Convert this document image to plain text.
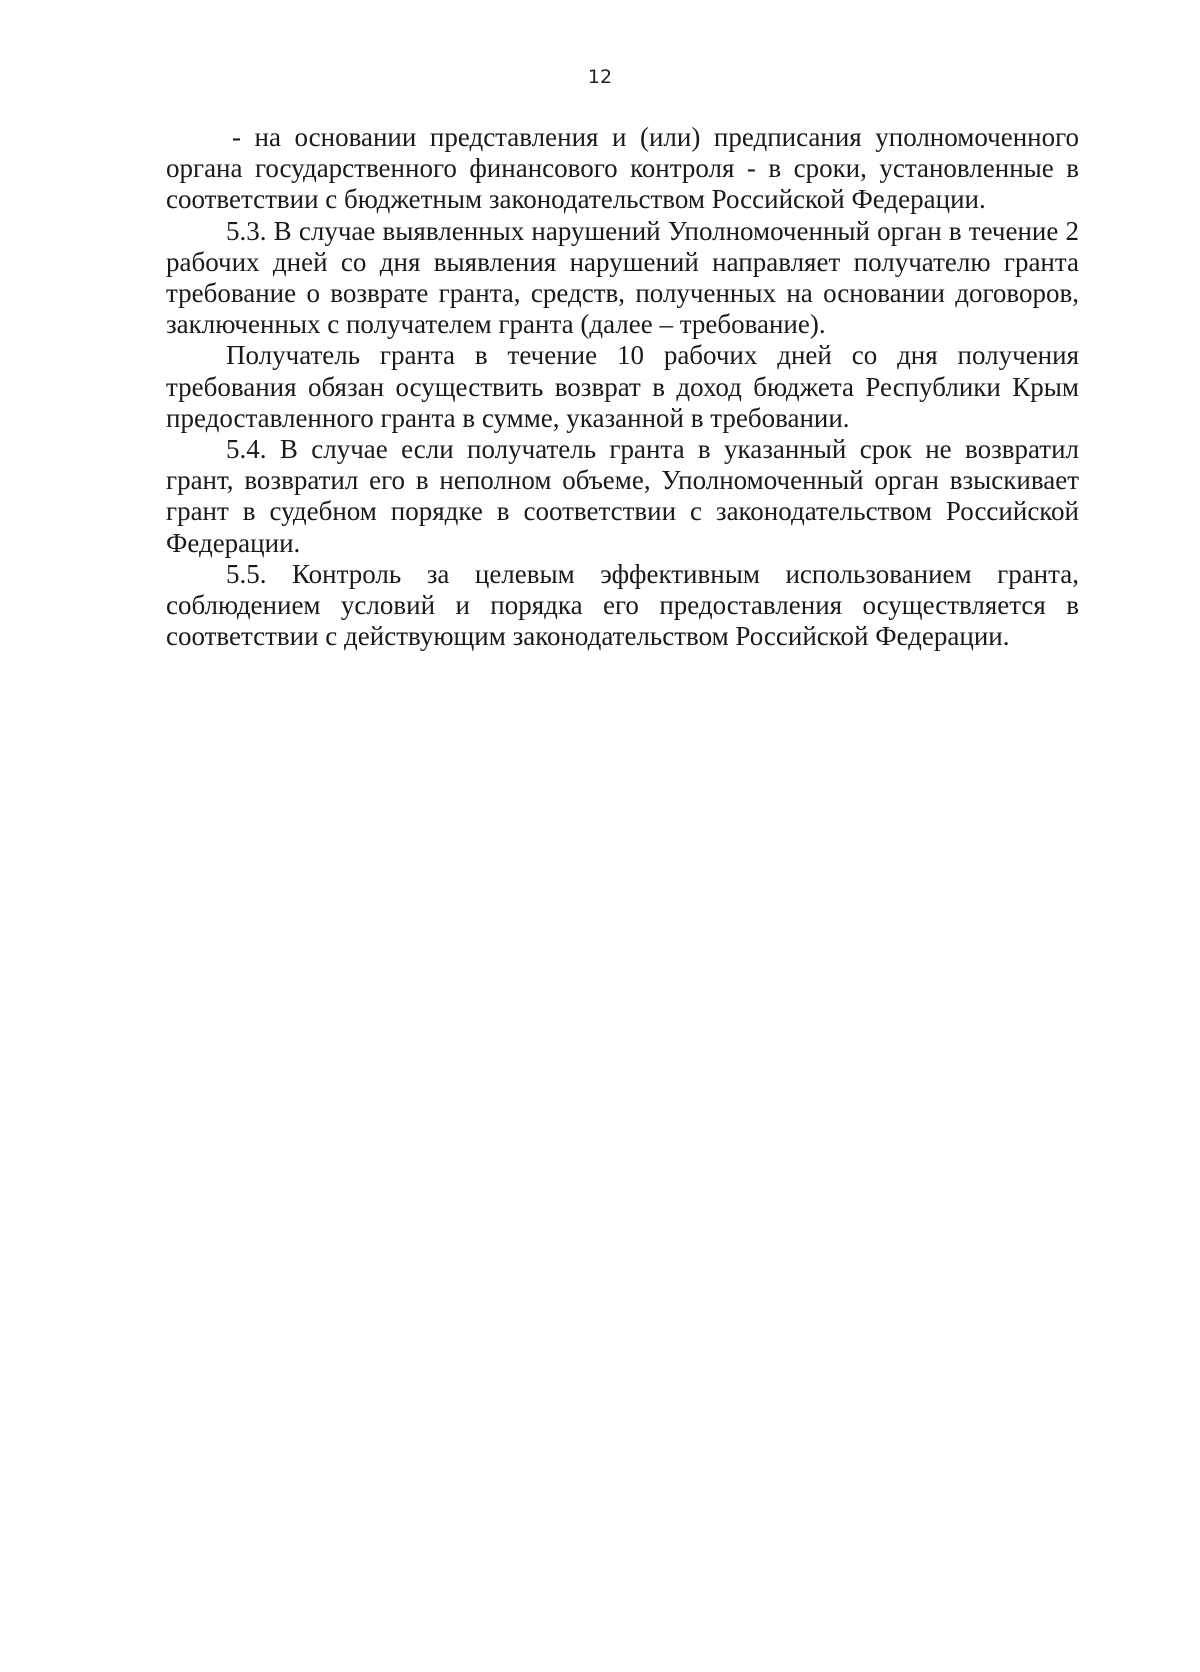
12

- на основании представления и (или) предписания уполномоченного органа государственного финансового контроля - в сроки, установленные в соответствии с бюджетным законодательством Российской Федерации.

5.3. В случае выявленных нарушений Уполномоченный орган в течение 2 рабочих дней со дня выявления нарушений направляет получателю гранта требование о возврате гранта, средств, полученных на основании договоров, заключенных с получателем гранта (далее – требование).

Получатель гранта в течение 10 рабочих дней со дня получения требования обязан осуществить возврат в доход бюджета Республики Крым предоставленного гранта в сумме, указанной в требовании.

5.4. В случае если получатель гранта в указанный срок не возвратил грант, возвратил его в неполном объеме, Уполномоченный орган взыскивает грант в судебном порядке в соответствии с законодательством Российской Федерации.

5.5. Контроль за целевым эффективным использованием гранта, соблюдением условий и порядка его предоставления осуществляется в соответствии с действующим законодательством Российской Федерации.
